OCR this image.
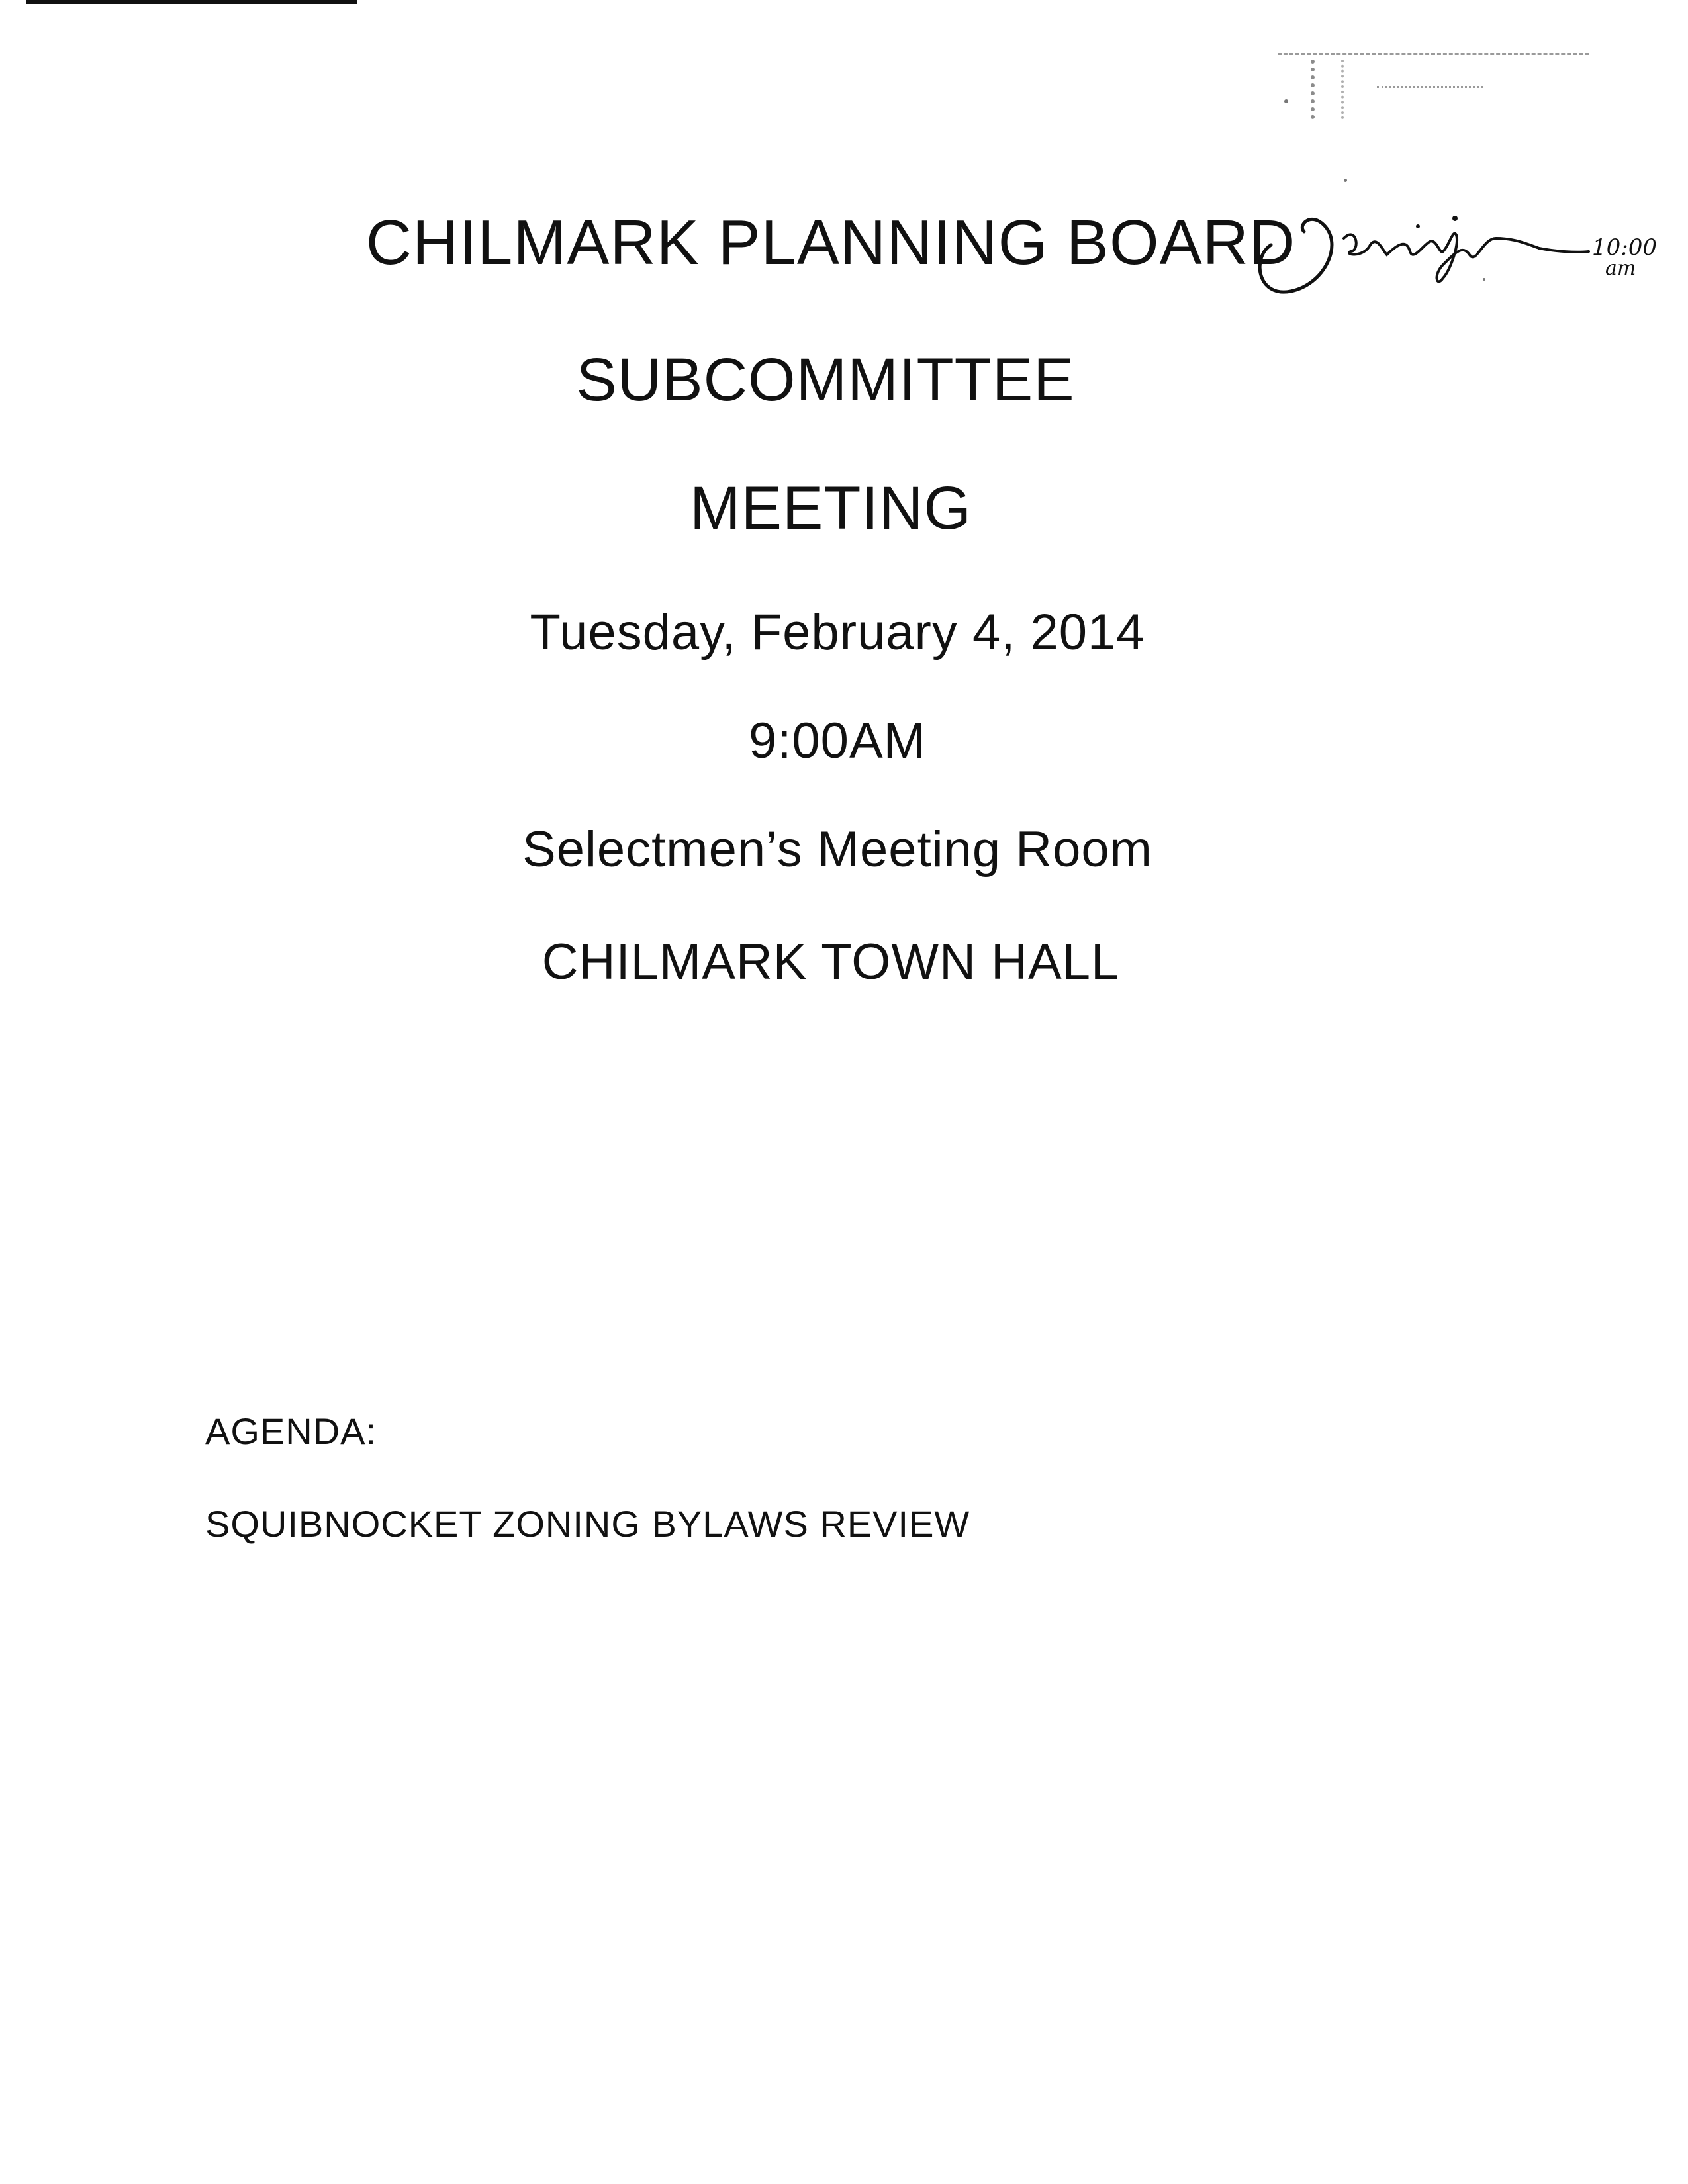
CHILMARK PLANNING BOARD
SUBCOMMITTEE
MEETING
Tuesday, February 4, 2014
9:00AM
Selectmen’s Meeting Room
CHILMARK TOWN HALL
10:00
am
AGENDA:
SQUIBNOCKET ZONING BYLAWS REVIEW
